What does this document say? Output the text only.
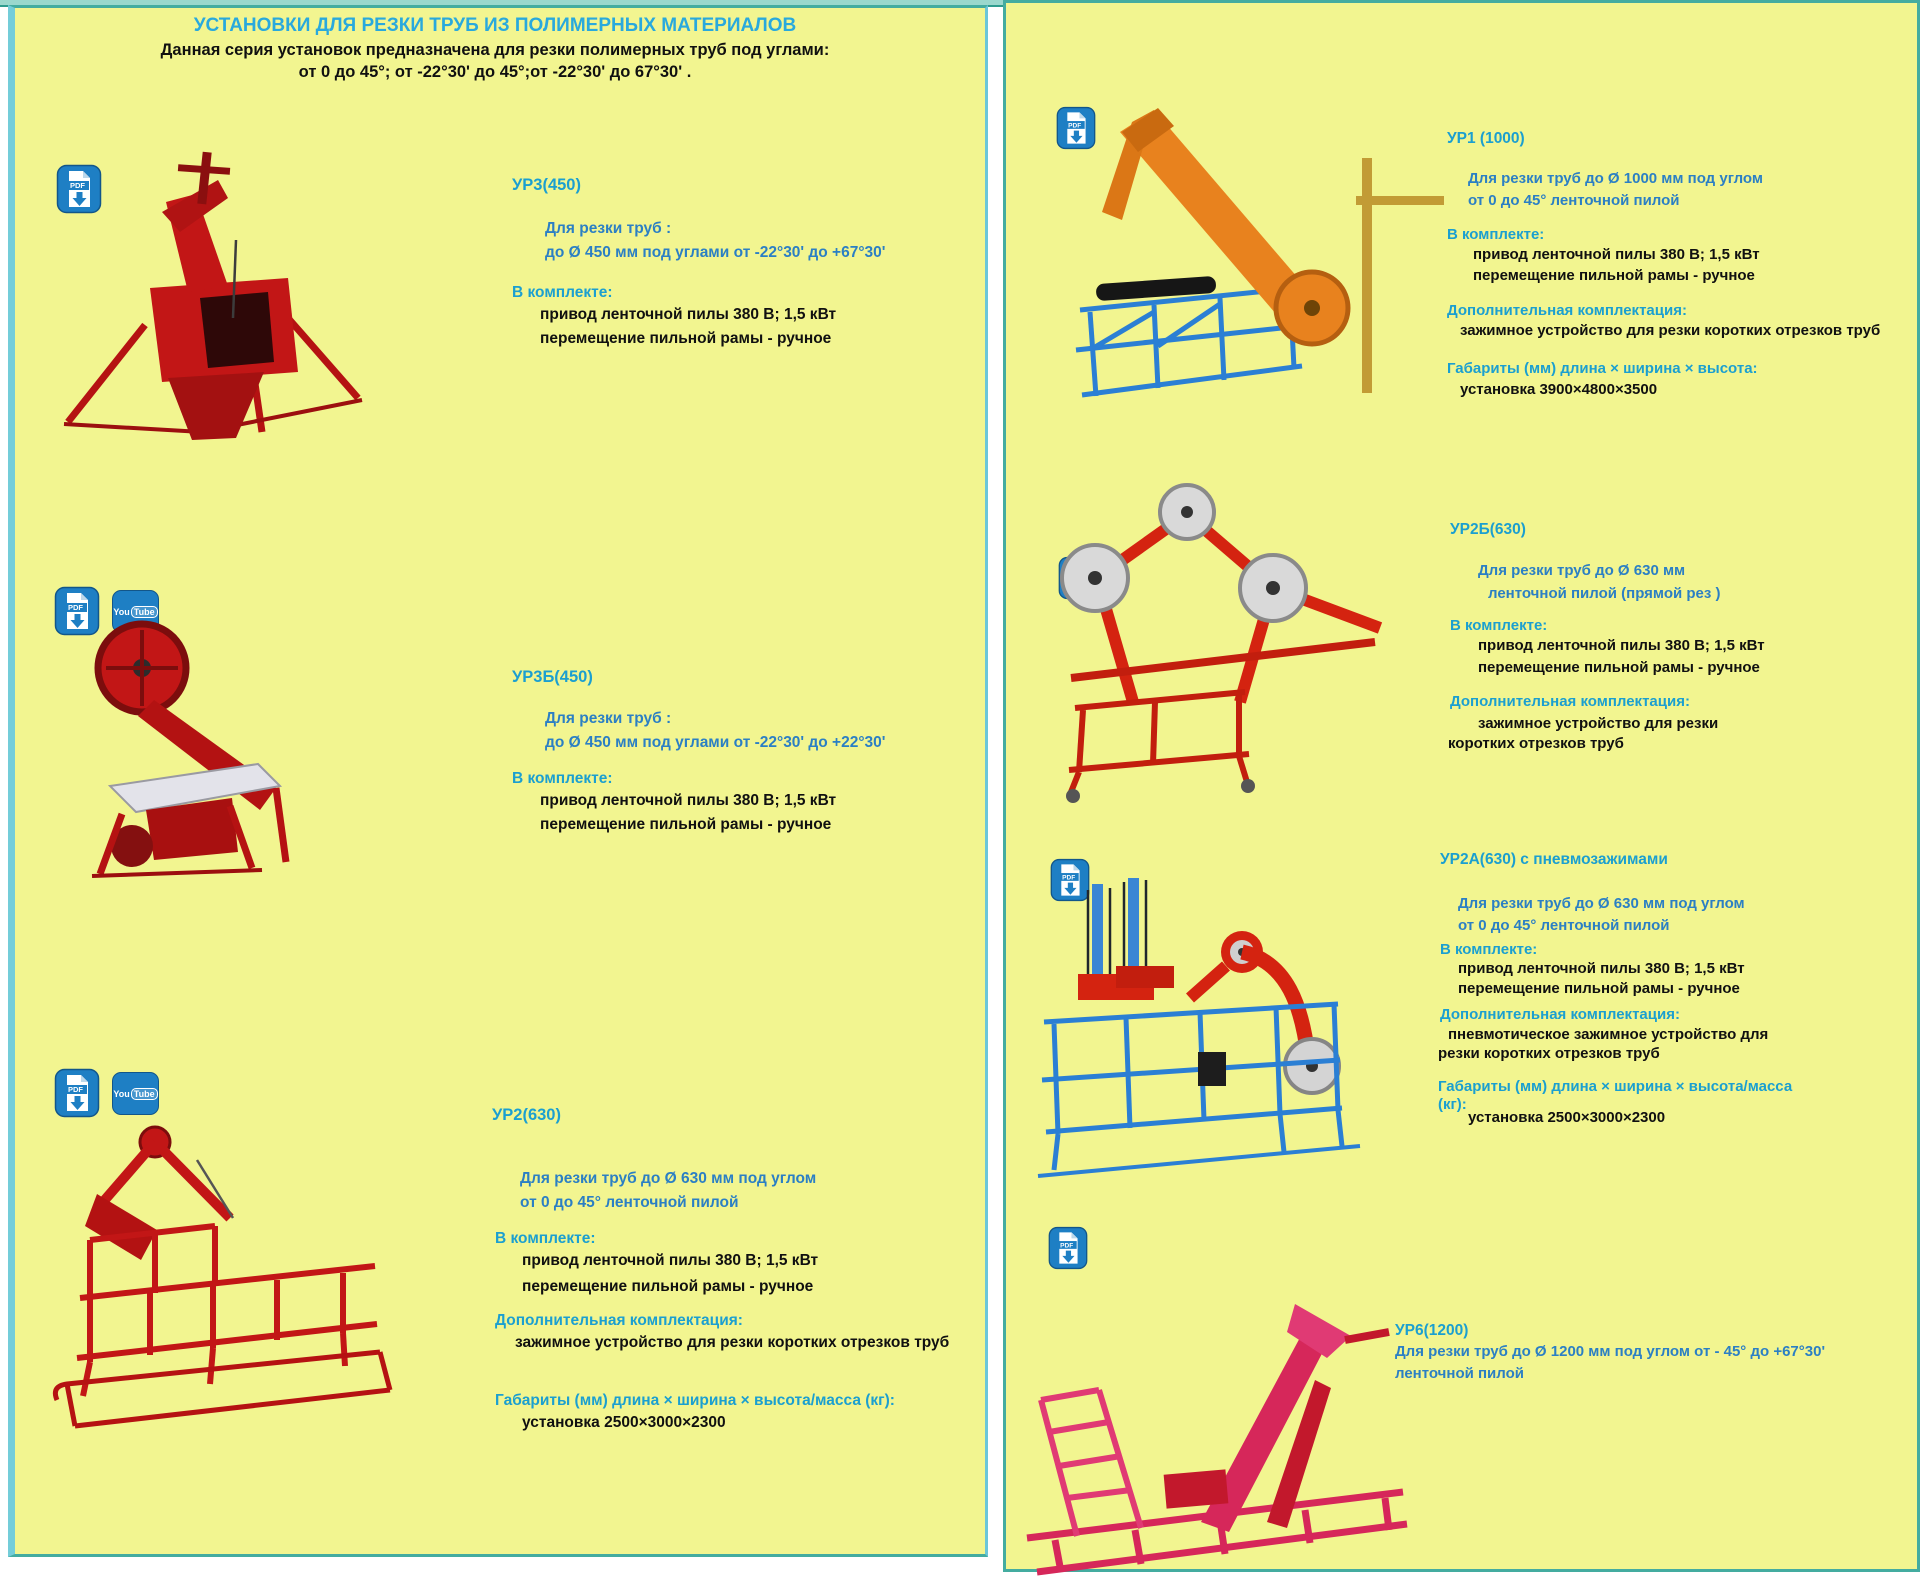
УСТАНОВКИ ДЛЯ РЕЗКИ ТРУБ ИЗ ПОЛИМЕРНЫХ МАТЕРИАЛОВ
Данная серия установок предназначена для резки полимерных труб под углами:
от 0 до 45°; от -22°30' до 45°;от -22°30' до 67°30' .
PDF	УР3(450)
Для резки труб :
до Ø 450 мм под углами от -22°30' до +67°30'
В комплекте:
привод ленточной пилы 380 В; 1,5 кВт
перемещение пильной рамы - ручное
PDF	You Tube
УР3Б(450)
Для резки труб :
до Ø 450 мм под углами от -22°30' до +22°30'
В комплекте:
привод ленточной пилы 380 В; 1,5 кВт
перемещение пильной рамы - ручное
PDF	You Tube
УР2(630)
Для резки труб до Ø 630 мм под углом
от 0 до 45° ленточной пилой
В комплекте:
привод ленточной пилы 380 В; 1,5 кВт
перемещение пильной рамы - ручное
Дополнительная комплектация:
зажимное устройство для резки коротких отрезков труб
Габариты (мм) длина × ширина × высота/масса (кг):
установка 2500×3000×2300
PDF
УР1 (1000)
Для резки труб до Ø 1000 мм под углом
от 0 до 45° ленточной пилой
В комплекте:
привод ленточной пилы 380 В; 1,5 кВт
перемещение пильной рамы - ручное
Дополнительная комплектация:
зажимное устройство для резки коротких отрезков труб
Габариты (мм) длина × ширина × высота:
установка 3900×4800×3500
УР2Б(630)
Для резки труб до Ø 630 мм
ленточной пилой (прямой рез )
В комплекте:
привод ленточной пилы 380 В; 1,5 кВт
перемещение пильной рамы - ручное
Дополнительная комплектация:
зажимное устройство для резки
коротких отрезков труб
PDF
УР2А(630) с пневмозажимами
Для резки труб до Ø 630 мм под углом
от 0 до 45° ленточной пилой
В комплекте:
привод ленточной пилы 380 В; 1,5 кВт
перемещение пильной рамы - ручное
Дополнительная комплектация:
пневмотическое зажимное устройство для
резки коротких отрезков труб
Габариты (мм) длина × ширина × высота/масса
(кг):
установка 2500×3000×2300
PDF
УР6(1200)
Для резки труб до Ø 1200 мм под углом от - 45° до +67°30'
ленточной пилой
